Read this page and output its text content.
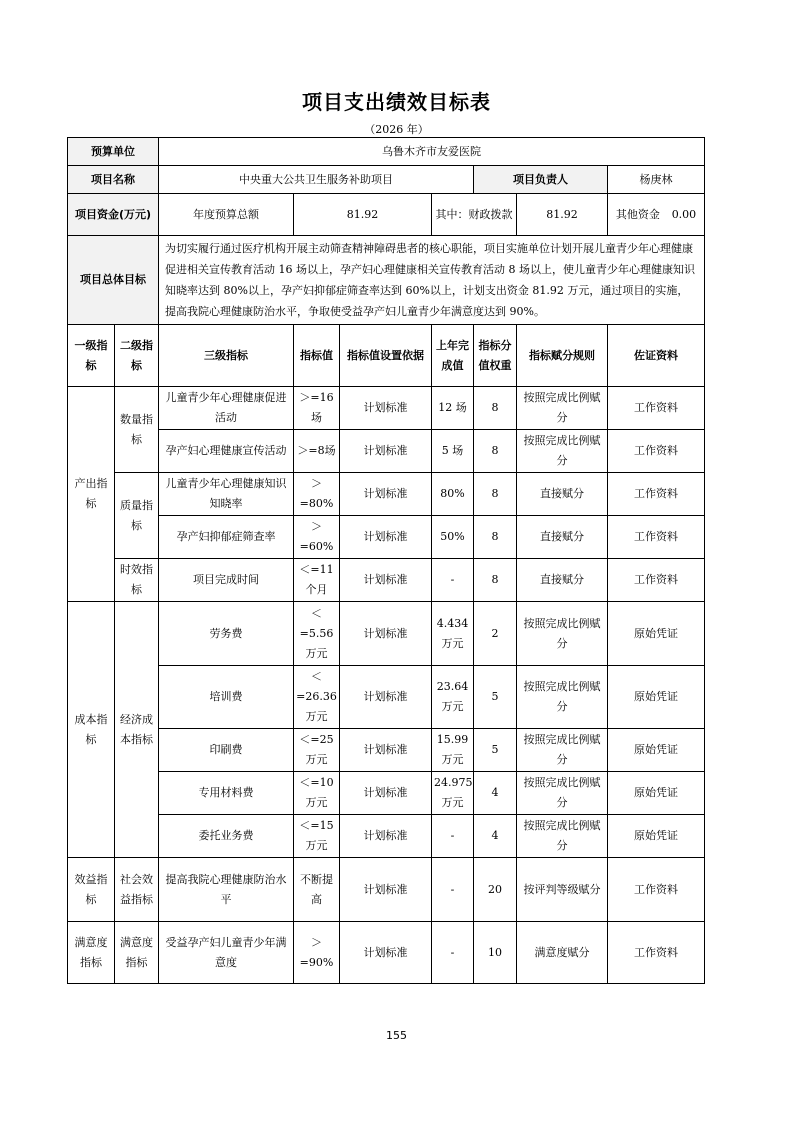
项目支出绩效目标表
（2026 年）
预算单位		乌鲁木齐市友爱医院						
项目名称		中央重大公共卫生服务补助项目				项目负责人		杨庚林
项目资金(万元)		年度预算总额	81.92		其中：财政拨款		81.92	其他资金 0.00

项目总体目标		为切实履行通过医疗机构开展主动筛查精神障碍患者的核心职能，项目实施单位计划开展儿童青少年心理健康促进相关宣传教育活动 16 场以上，孕产妇心理健康相关宣传教育活动 8 场以上，使儿童青少年心理健康知识知晓率达到 80%以上，孕产妇抑郁症筛查率达到 60%以上，计划支出资金 81.92 万元，通过项目的实施，提高我院心理健康防治水平，争取使受益孕产妇儿童青少年满意度达到 90%。						
一级指标	二级指标	三级指标	指标值	指标值设置依据	上年完成值	指标分值权重	指标赋分规则	佐证资料
产出指标	数量指标	儿童青少年心理健康促进活动	＞=16场	计划标准	12 场	8	按照完成比例赋分	工作资料
		孕产妇心理健康宣传活动	＞=8场	计划标准	5 场	8	按照完成比例赋分	工作资料
	质量指标	儿童青少年心理健康知识知晓率	＞=80%	计划标准	80%	8	直接赋分	工作资料
		孕产妇抑郁症筛查率	＞=60%	计划标准	50%	8	直接赋分	工作资料
	时效指标	项目完成时间	＜=11个月	计划标准	-	8	直接赋分	工作资料
成本指标	经济成本指标	劳务费	＜=5.56万元	计划标准	4.434万元	2	按照完成比例赋分	原始凭证
		培训费	＜=26.36万元	计划标准	23.64万元	5	按照完成比例赋分	原始凭证
		印刷费	＜=25万元	计划标准	15.99万元	5	按照完成比例赋分	原始凭证
		专用材料费	＜=10万元	计划标准	24.975万元	4	按照完成比例赋分	原始凭证
		委托业务费	＜=15万元	计划标准	-	4	按照完成比例赋分	原始凭证
效益指标	社会效益指标	提高我院心理健康防治水平	不断提高	计划标准	-	20	按评判等级赋分	工作资料
满意度指标	满意度指标	受益孕产妇儿童青少年满意度	＞=90%	计划标准	-	10	满意度赋分	工作资料
155
